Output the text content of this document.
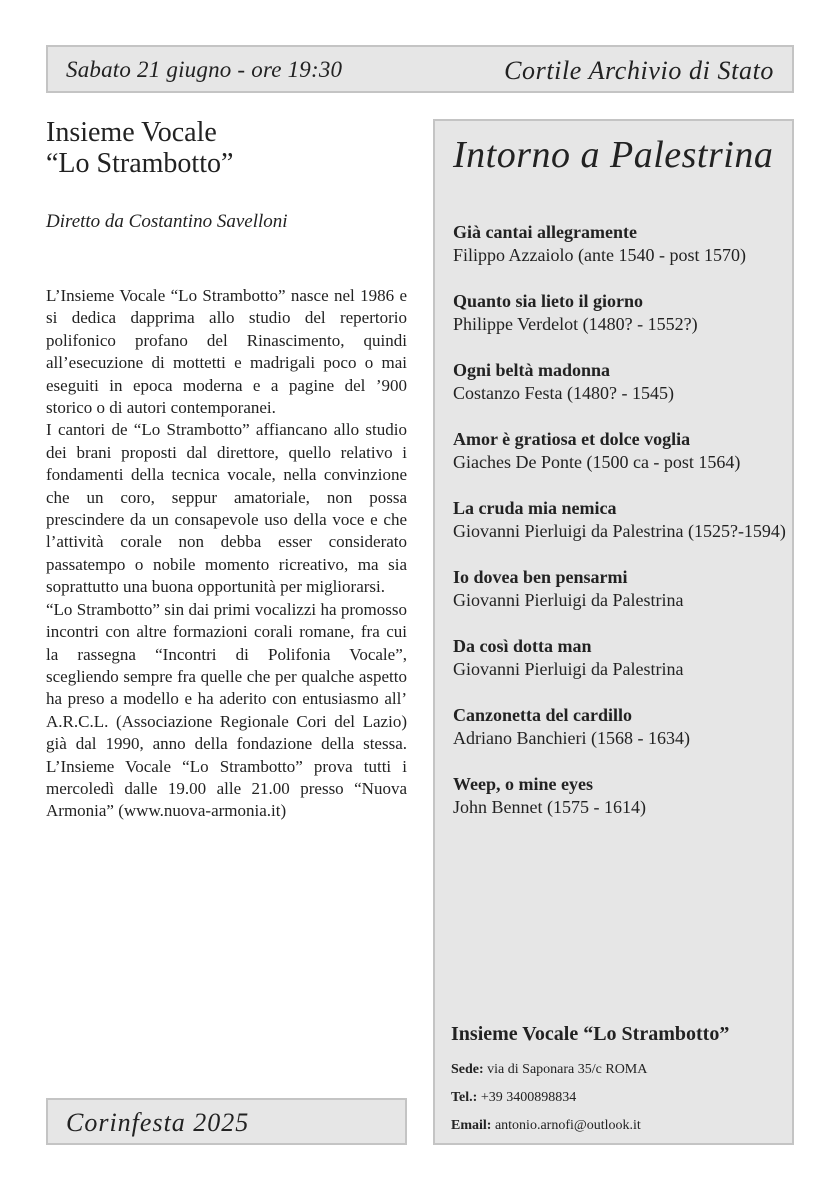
Sabato 21 giugno - ore 19:30	Cortile Archivio di Stato
Insieme Vocale
“Lo Strambotto”
Diretto da Costantino Savelloni

L’Insieme Vocale “Lo Strambotto” nasce nel 1986 e si dedica dapprima allo studio del repertorio polifonico profano del Rinascimento, quindi all’esecuzione di mottetti e madrigali poco o mai eseguiti in epoca moderna e a pagine del ’900 storico o di autori contemporanei.

I cantori de “Lo Strambotto” affiancano allo studio dei brani proposti dal direttore, quello relativo i fondamenti della tecnica vocale, nella convinzione che un coro, seppur amatoriale, non possa prescindere da un consapevole uso della voce e che l’attività corale non debba esser considerato passatempo o nobile momento ricreativo, ma sia soprattutto una buona opportunità per migliorarsi.

“Lo Strambotto” sin dai primi vocalizzi ha promosso incontri con altre formazioni corali romane, fra cui la rassegna “Incontri di Polifonia Vocale”, scegliendo sempre fra quelle che per qualche aspetto ha preso a modello e ha aderito con entusiasmo all’ A.R.C.L. (Associazione Regionale Cori del Lazio) già dal 1990, anno della fondazione della stessa. L’Insieme Vocale “Lo Strambotto” prova tutti i mercoledì dalle 19.00 alle 21.00 presso “Nuova Armonia” (www.nuova-armonia.it)

Intorno a Palestrina
Già cantai allegramente
Filippo Azzaiolo (ante 1540 - post 1570)
Quanto sia lieto il giorno
Philippe Verdelot (1480? - 1552?)
Ogni beltà madonna
Costanzo Festa (1480? - 1545)
Amor è gratiosa et dolce voglia
Giaches De Ponte (1500 ca - post 1564)
La cruda mia nemica
Giovanni Pierluigi da Palestrina (1525?-1594)
Io dovea ben pensarmi
Giovanni Pierluigi da Palestrina
Da così dotta man
Giovanni Pierluigi da Palestrina
Canzonetta del cardillo
Adriano Banchieri (1568 - 1634)
Weep, o mine eyes
John Bennet (1575 - 1614)
Insieme Vocale “Lo Strambotto”
Sede: via di Saponara 35/c ROMA
Tel.: +39 3400898834
Email: antonio.arnofi@outlook.it
Corinfesta 2025
